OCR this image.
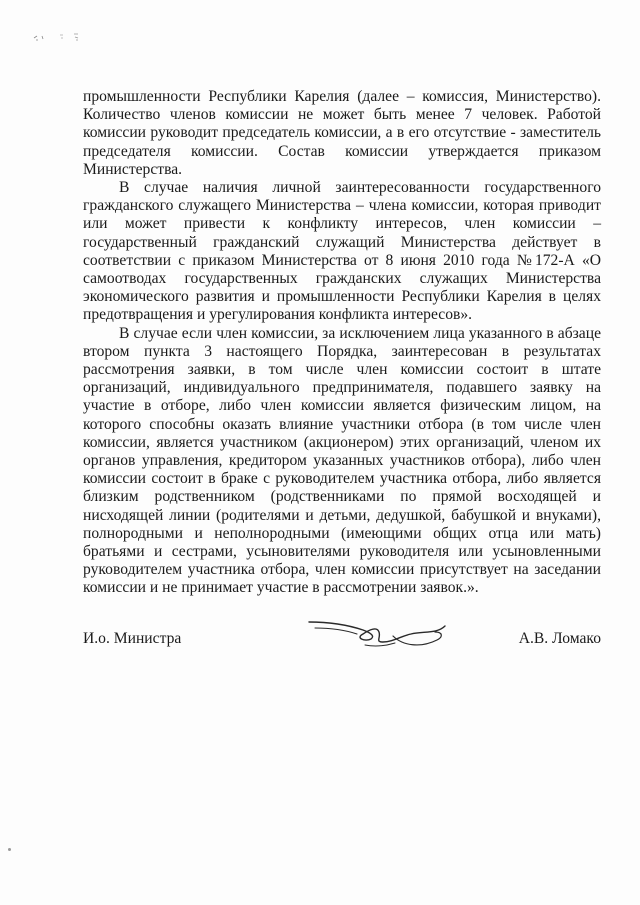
промышленности Республики Карелия (далее – комиссия, Министерство). Количество членов комиссии не может быть менее 7 человек. Работой комиссии руководит председатель комиссии, а в его отсутствие - заместитель председателя комиссии. Состав комиссии утверждается приказом Министерства.

В случае наличия личной заинтересованности государственного гражданского служащего Министерства – члена комиссии, которая приводит или может привести к конфликту интересов, член комиссии – государственный гражданский служащий Министерства действует в соответствии с приказом Министерства от 8 июня 2010 года №172-А «О самоотводах государственных гражданских служащих Министерства экономического развития и промышленности Республики Карелия в целях предотвращения и урегулирования конфликта интересов».

В случае если член комиссии, за исключением лица указанного в абзаце втором пункта 3 настоящего Порядка, заинтересован в результатах рассмотрения заявки, в том числе член комиссии состоит в штате организаций, индивидуального предпринимателя, подавшего заявку на участие в отборе, либо член комиссии является физическим лицом, на которого способны оказать влияние участники отбора (в том числе член комиссии, является участником (акционером) этих организаций, членом их органов управления, кредитором указанных участников отбора), либо член комиссии состоит в браке с руководителем участника отбора, либо является близким родственником (родственниками по прямой восходящей и нисходящей линии (родителями и детьми, дедушкой, бабушкой и внуками), полнородными и неполнородными (имеющими общих отца или мать) братьями и сестрами, усыновителями руководителя или усыновленными руководителем участника отбора, член комиссии присутствует на заседании комиссии и не принимает участие в рассмотрении заявок.».

И.о. Министра	А.В. Ломако
